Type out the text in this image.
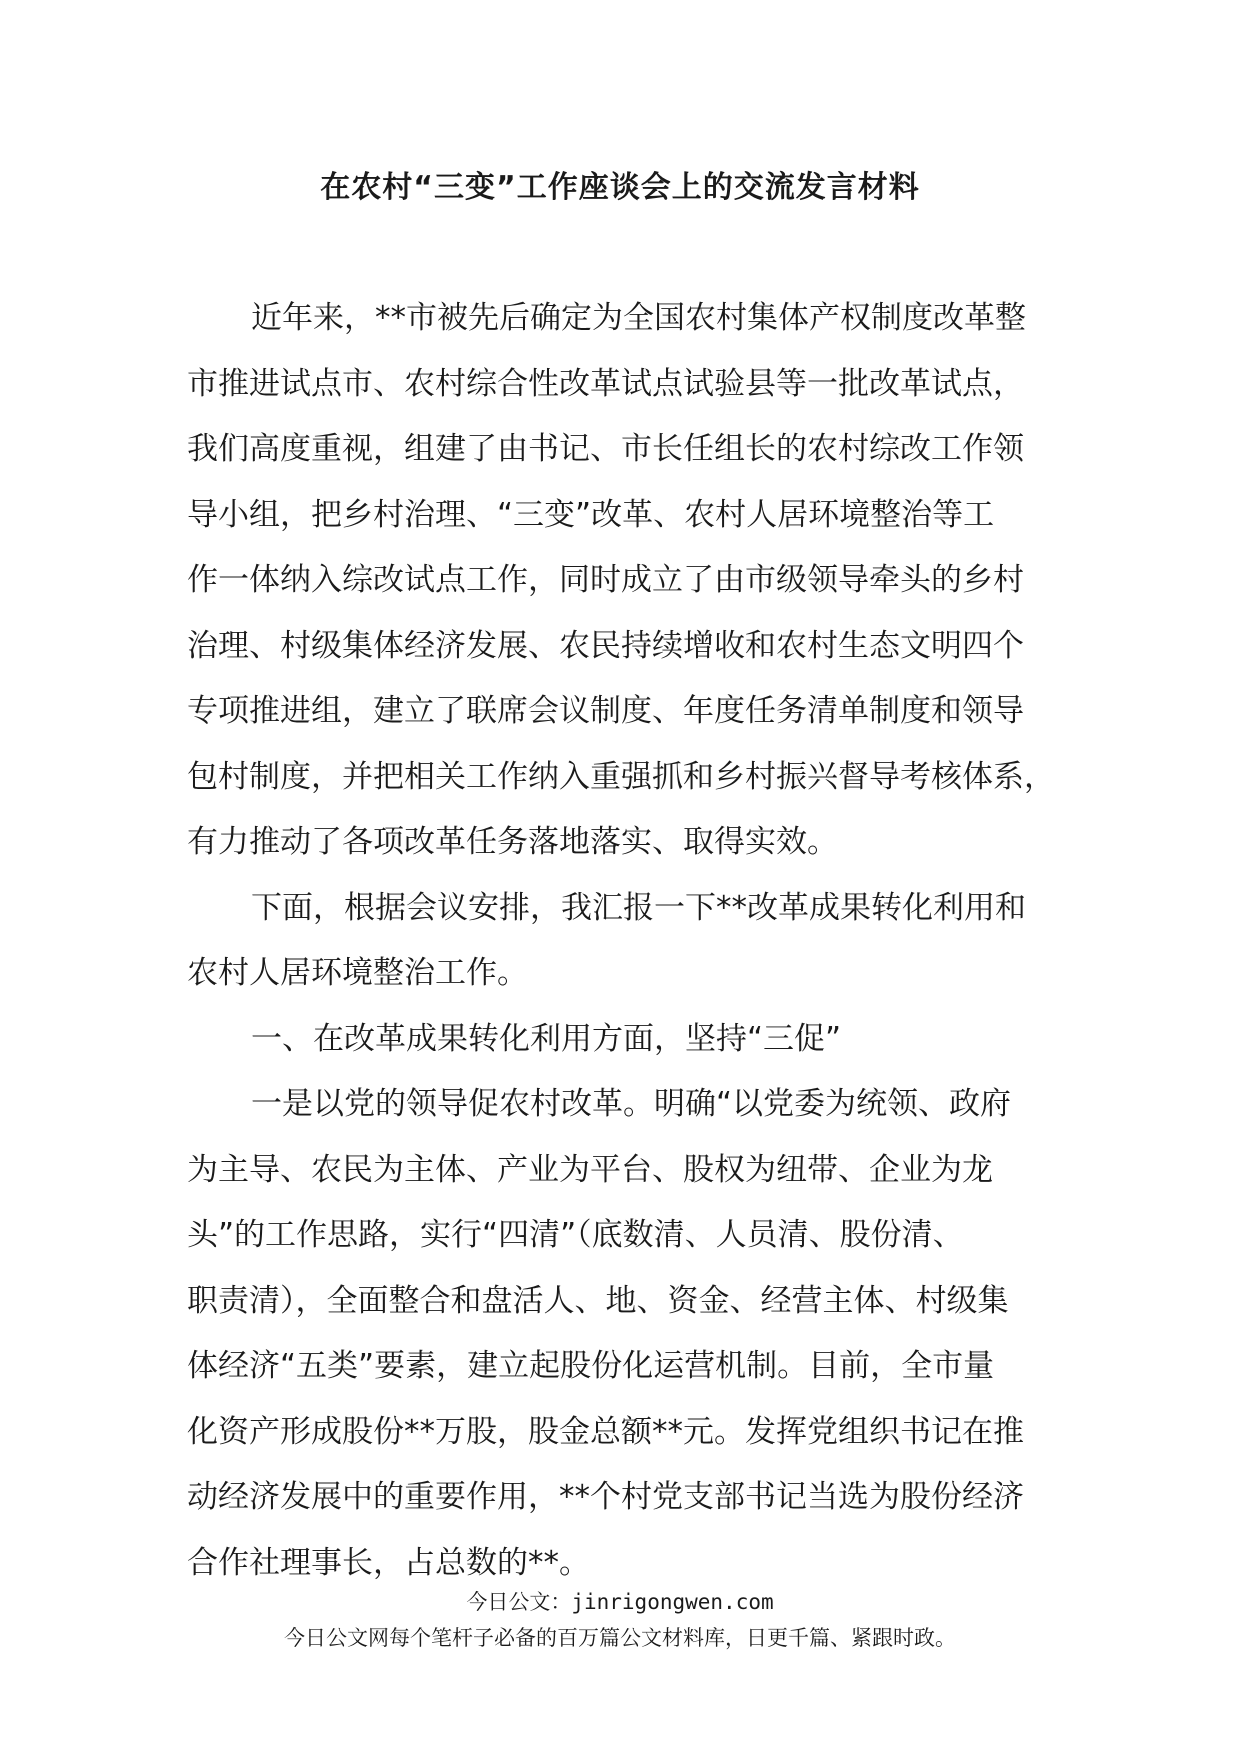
在农村“三变”工作座谈会上的交流发言材料

近年来，**市被先后确定为全国农村集体产权制度改革整

市推进试点市、农村综合性改革试点试验县等一批改革试点，

我们高度重视，组建了由书记、市长任组长的农村综改工作领

导小组，把乡村治理、“三变”改革、农村人居环境整治等工

作一体纳入综改试点工作，同时成立了由市级领导牵头的乡村

治理、村级集体经济发展、农民持续增收和农村生态文明四个

专项推进组，建立了联席会议制度、年度任务清单制度和领导

包村制度，并把相关工作纳入重强抓和乡村振兴督导考核体系，

有力推动了各项改革任务落地落实、取得实效。

下面，根据会议安排，我汇报一下**改革成果转化利用和

农村人居环境整治工作。

一、在改革成果转化利用方面，坚持“三促”

一是以党的领导促农村改革。明确“以党委为统领、政府

为主导、农民为主体、产业为平台、股权为纽带、企业为龙

头”的工作思路，实行“四清”（底数清、人员清、股份清、

职责清），全面整合和盘活人、地、资金、经营主体、村级集

体经济“五类”要素，建立起股份化运营机制。目前，全市量

化资产形成股份**万股，股金总额**元。发挥党组织书记在推

动经济发展中的重要作用，**个村党支部书记当选为股份经济

合作社理事长，占总数的**。

今日公文：jinrigongwen.com
今日公文网每个笔杆子必备的百万篇公文材料库，日更千篇、紧跟时政。
